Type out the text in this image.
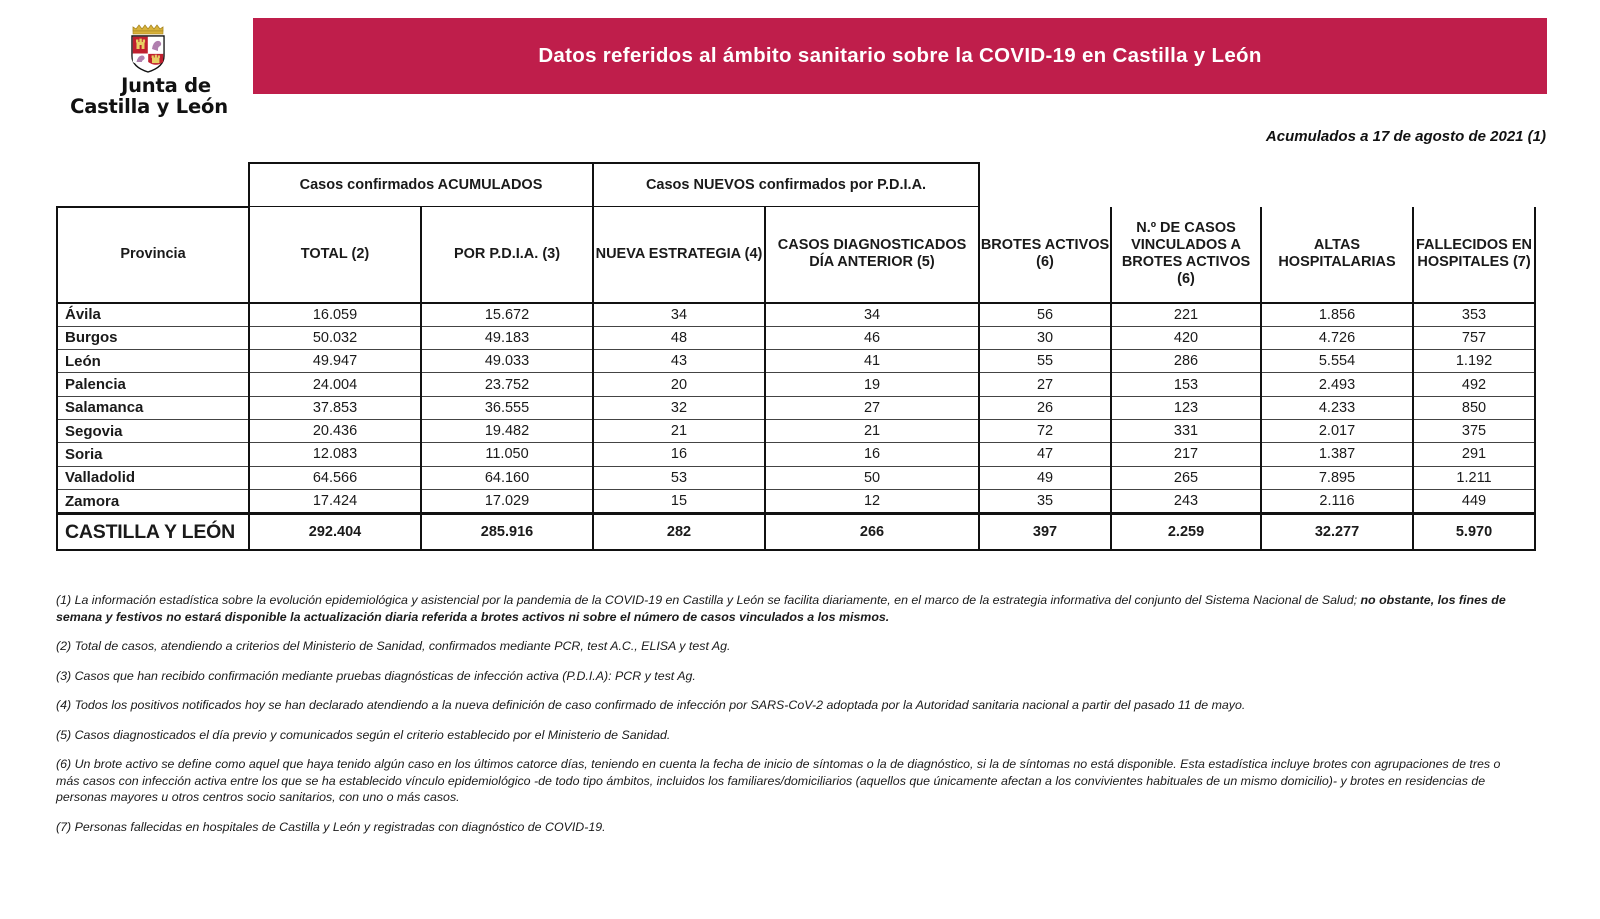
Junta de
Castilla y León
Datos referidos al ámbito sanitario sobre la COVID-19 en Castilla y León
Acumulados a 17 de agosto de 2021 (1)
	Casos confirmados ACUMULADOS		Casos NUEVOS confirmados por P.D.I.A.					
Provincia	TOTAL (2)	POR P.D.I.A. (3)	NUEVA ESTRATEGIA (4)	CASOS DIAGNOSTICADOS DÍA ANTERIOR (5)	BROTES ACTIVOS (6)	N.º DE CASOS VINCULADOS A BROTES ACTIVOS (6)	ALTAS HOSPITALARIAS	FALLECIDOS EN HOSPITALES (7)
Ávila	16.059	15.672	34	34	56	221	1.856	353
Burgos	50.032	49.183	48	46	30	420	4.726	757
León	49.947	49.033	43	41	55	286	5.554	1.192
Palencia	24.004	23.752	20	19	27	153	2.493	492
Salamanca	37.853	36.555	32	27	26	123	4.233	850
Segovia	20.436	19.482	21	21	72	331	2.017	375
Soria	12.083	11.050	16	16	47	217	1.387	291
Valladolid	64.566	64.160	53	50	49	265	7.895	1.211
Zamora	17.424	17.029	15	12	35	243	2.116	449
CASTILLA Y LEÓN	292.404	285.916	282	266	397	2.259	32.277	5.970
(1) La información estadística sobre la evolución epidemiológica y asistencial por la pandemia de la COVID-19 en Castilla y León se facilita diariamente, en el marco de la estrategia informativa del conjunto del Sistema Nacional de Salud; no obstante, los fines de semana y festivos no estará disponible la actualización diaria referida a brotes activos ni sobre el número de casos vinculados a los mismos.
(2) Total de casos, atendiendo a criterios del Ministerio de Sanidad, confirmados mediante PCR, test A.C., ELISA y test Ag.
(3) Casos que han recibido confirmación mediante pruebas diagnósticas de infección activa (P.D.I.A): PCR y test Ag.
(4) Todos los positivos notificados hoy se han declarado atendiendo a la nueva definición de caso confirmado de infección por SARS-CoV-2 adoptada por la Autoridad sanitaria nacional a partir del pasado 11 de mayo.
(5) Casos diagnosticados el día previo y comunicados según el criterio establecido por el Ministerio de Sanidad.
(6) Un brote activo se define como aquel que haya tenido algún caso en los últimos catorce días, teniendo en cuenta la fecha de inicio de síntomas o la de diagnóstico, si la de síntomas no está disponible. Esta estadística incluye brotes con agrupaciones de tres o más casos con infección activa entre los que se ha establecido vínculo epidemiológico -de todo tipo ámbitos, incluidos los familiares/domiciliarios (aquellos que únicamente afectan a los convivientes habituales de un mismo domicilio)- y brotes en residencias de personas mayores u otros centros socio sanitarios, con uno o más casos.
(7) Personas fallecidas en hospitales de Castilla y León y registradas con diagnóstico de COVID-19.
